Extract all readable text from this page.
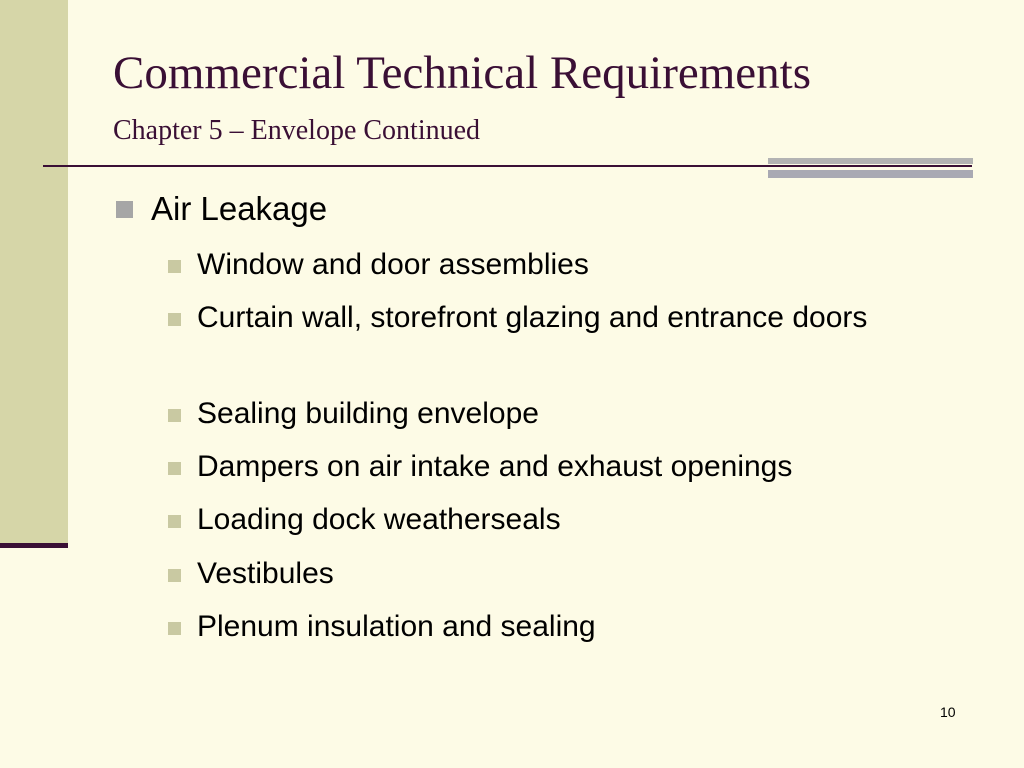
Commercial Technical Requirements
Chapter 5 – Envelope Continued
Air Leakage
Window and door assemblies
Curtain wall, storefront glazing and entrance doors
Sealing building envelope
Dampers on air intake and exhaust openings
Loading dock weatherseals
Vestibules
Plenum insulation and sealing
10
